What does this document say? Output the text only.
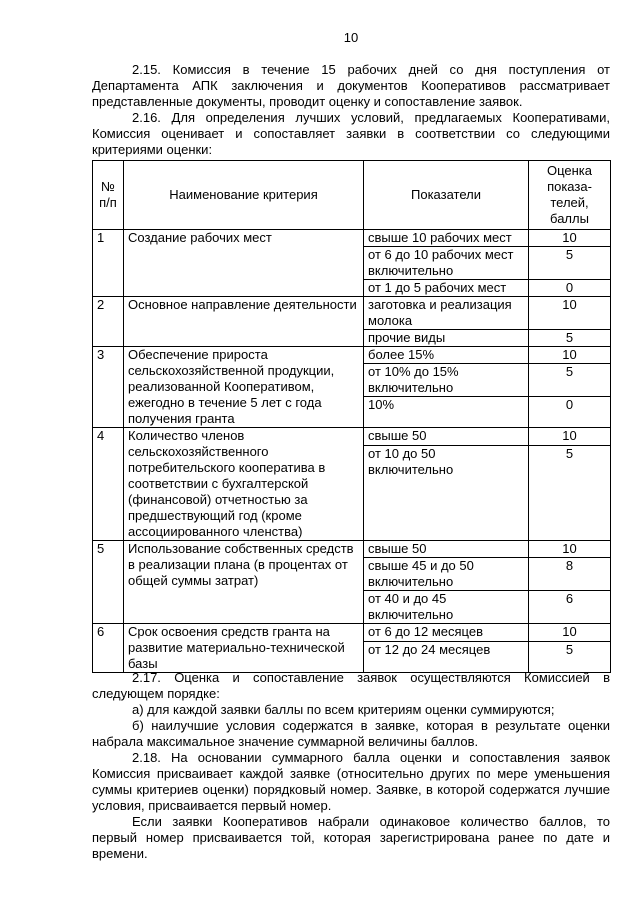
10

2.15. Комиссия в течение 15 рабочих дней со дня поступления от Департамента АПК заключения и документов Кооперативов рассматривает представленные документы, проводит оценку и сопоставление заявок.

2.16. Для определения лучших условий, предлагаемых Кооперативами, Комиссия оценивает и сопоставляет заявки в соответствии со следующими критериями оценки:

№ п/п	Наименование критерия	Показатели	Оценка показа-телей, баллы
1	Создание рабочих мест	свыше 10 рабочих мест	10
		от 6 до 10 рабочих мест включительно	5
		от 1 до 5 рабочих мест	0
2	Основное направление деятельности	заготовка и реализация молока	10
		прочие виды	5
3	Обеспечение прироста сельскохозяйственной продукции, реализованной Кооперативом, ежегодно в течение 5 лет с года получения гранта	более 15%	10
		от 10% до 15% включительно	5
		10%	0
4	Количество членов сельскохозяйственного потребительского кооператива в соответствии с бухгалтерской (финансовой) отчетностью за предшествующий год (кроме ассоциированного членства)	свыше 50	10
		от 10 до 50 включительно	5
5	Использование собственных средств в реализации плана (в процентах от общей суммы затрат)	свыше 50	10
		свыше 45 и до 50 включительно	8
		от 40 и до 45 включительно	6
6	Срок освоения средств гранта на развитие материально-технической базы	от 6 до 12 месяцев	10
		от 12 до 24 месяцев	5

2.17. Оценка и сопоставление заявок осуществляются Комиссией в следующем порядке:

а) для каждой заявки баллы по всем критериям оценки суммируются;

б) наилучшие условия содержатся в заявке, которая в результате оценки набрала максимальное значение суммарной величины баллов.

2.18. На основании суммарного балла оценки и сопоставления заявок Комиссия присваивает каждой заявке (относительно других по мере уменьшения суммы критериев оценки) порядковый номер. Заявке, в которой содержатся лучшие условия, присваивается первый номер.

Если заявки Кооперативов набрали одинаковое количество баллов, то первый номер присваивается той, которая зарегистрирована ранее по дате и времени.
